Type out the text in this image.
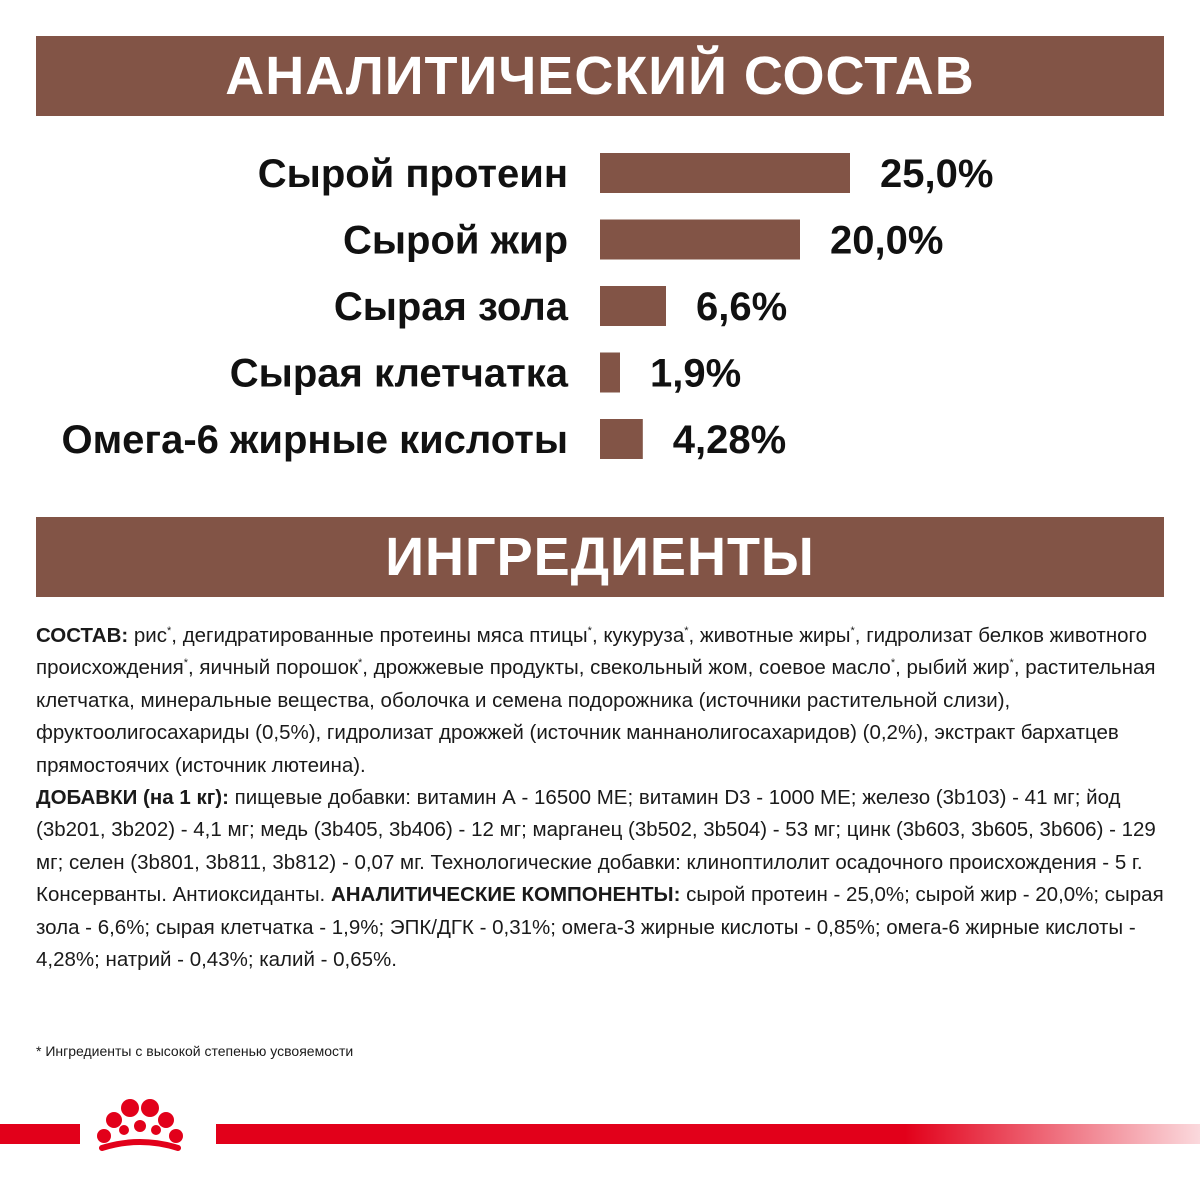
АНАЛИТИЧЕСКИЙ СОСТАВ
Сырой протеин	25,0%
Сырой жир	20,0%
Сырая зола	6,6%
Сырая клетчатка 1,9%
Омега-6 жирные кислоты	4,28%
ИНГРЕДИЕНТЫ
СОСТАВ: рис*, дегидратированные протеины мяса птицы*, кукуруза*, животные жиры*, гидролизат белков животного происхождения*, яичный порошок*, дрожжевые продукты, свекольный жом, соевое масло*, рыбий жир*, растительная клетчатка, минеральные вещества, оболочка и семена подорожника (источники растительной слизи), фруктоолигосахариды (0,5%), гидролизат дрожжей (источник маннанолигосахаридов) (0,2%), экстракт бархатцев прямостоячих (источник лютеина).
ДОБАВКИ (на 1 кг): пищевые добавки: витамин А - 16500 МЕ; витамин D3 - 1000 МЕ; железо (3b103) - 41 мг; йод (3b201, 3b202) - 4,1 мг; медь (3b405, 3b406) - 12 мг; марганец (3b502, 3b504) - 53 мг; цинк (3b603, 3b605, 3b606) - 129 мг; селен (3b801, 3b811, 3b812) - 0,07 мг. Технологические добавки: клиноптилолит осадочного происхождения - 5 г. Консерванты. Антиоксиданты. АНАЛИТИЧЕСКИЕ КОМПОНЕНТЫ: сырой протеин - 25,0%; сырой жир - 20,0%; сырая зола - 6,6%; сырая клетчатка - 1,9%; ЭПК/ДГК - 0,31%; омега-3 жирные кислоты - 0,85%; омега-6 жирные кислоты - 4,28%; натрий - 0,43%; калий - 0,65%.
* Ингредиенты с высокой степенью усвояемости
